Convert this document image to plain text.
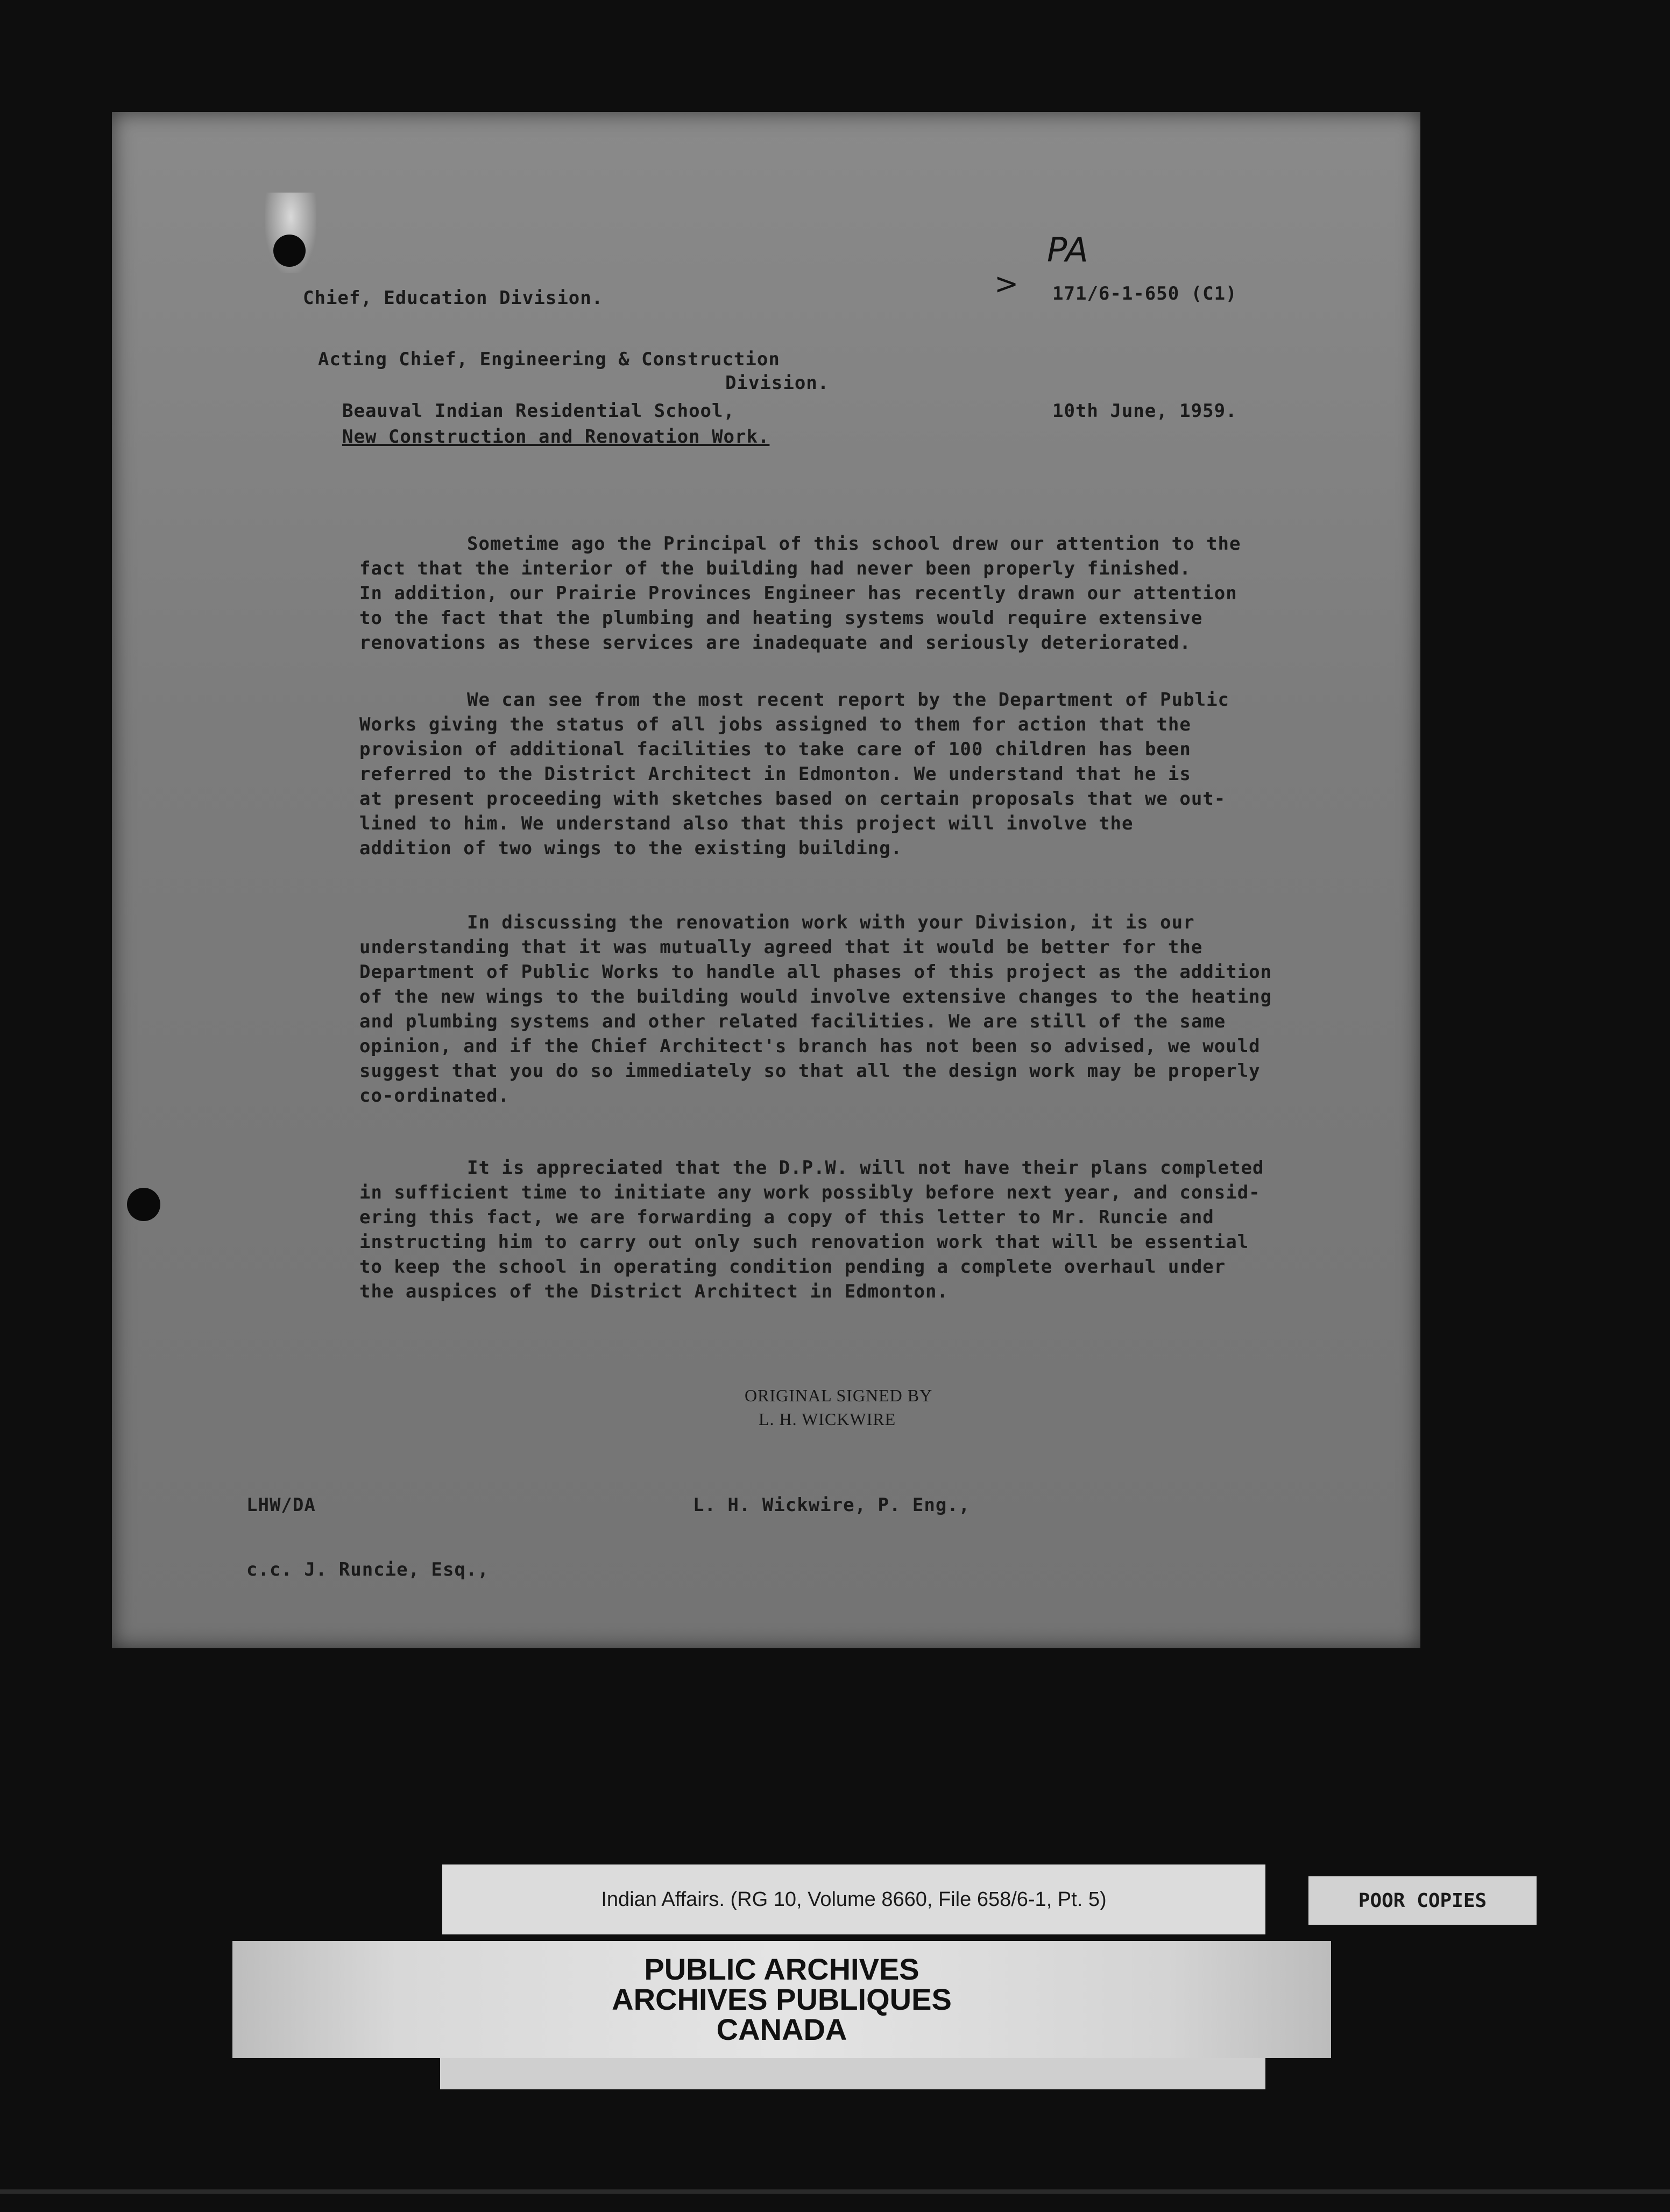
PA
> 171/6-1-650 (C1)
Chief, Education Division.
Acting Chief, Engineering & Construction
Division.
10th June, 1959.
Beauval Indian Residential School,
New Construction and Renovation Work.
Sometime ago the Principal of this school drew our attention to the
fact that the interior of the building had never been properly finished.
In addition, our Prairie Provinces Engineer has recently drawn our attention
to the fact that the plumbing and heating systems would require extensive
renovations as these services are inadequate and seriously deteriorated.
We can see from the most recent report by the Department of Public
Works giving the status of all jobs assigned to them for action that the
provision of additional facilities to take care of 100 children has been
referred to the District Architect in Edmonton. We understand that he is
at present proceeding with sketches based on certain proposals that we out-
lined to him. We understand also that this project will involve the
addition of two wings to the existing building.
In discussing the renovation work with your Division, it is our
understanding that it was mutually agreed that it would be better for the
Department of Public Works to handle all phases of this project as the addition
of the new wings to the building would involve extensive changes to the heating
and plumbing systems and other related facilities. We are still of the same
opinion, and if the Chief Architect's branch has not been so advised, we would
suggest that you do so immediately so that all the design work may be properly
co-ordinated.
It is appreciated that the D.P.W. will not have their plans completed
in sufficient time to initiate any work possibly before next year, and consid-
ering this fact, we are forwarding a copy of this letter to Mr. Runcie and
instructing him to carry out only such renovation work that will be essential
to keep the school in operating condition pending a complete overhaul under
the auspices of the District Architect in Edmonton.
ORIGINAL SIGNED BY
L. H. WICKWIRE
LHW/DA	L. H. Wickwire, P. Eng.,
c.c. J. Runcie, Esq.,
Indian Affairs. (RG 10, Volume 8660, File 658/6-1, Pt. 5)	POOR COPIES
PUBLIC ARCHIVES
ARCHIVES PUBLIQUES
CANADA
